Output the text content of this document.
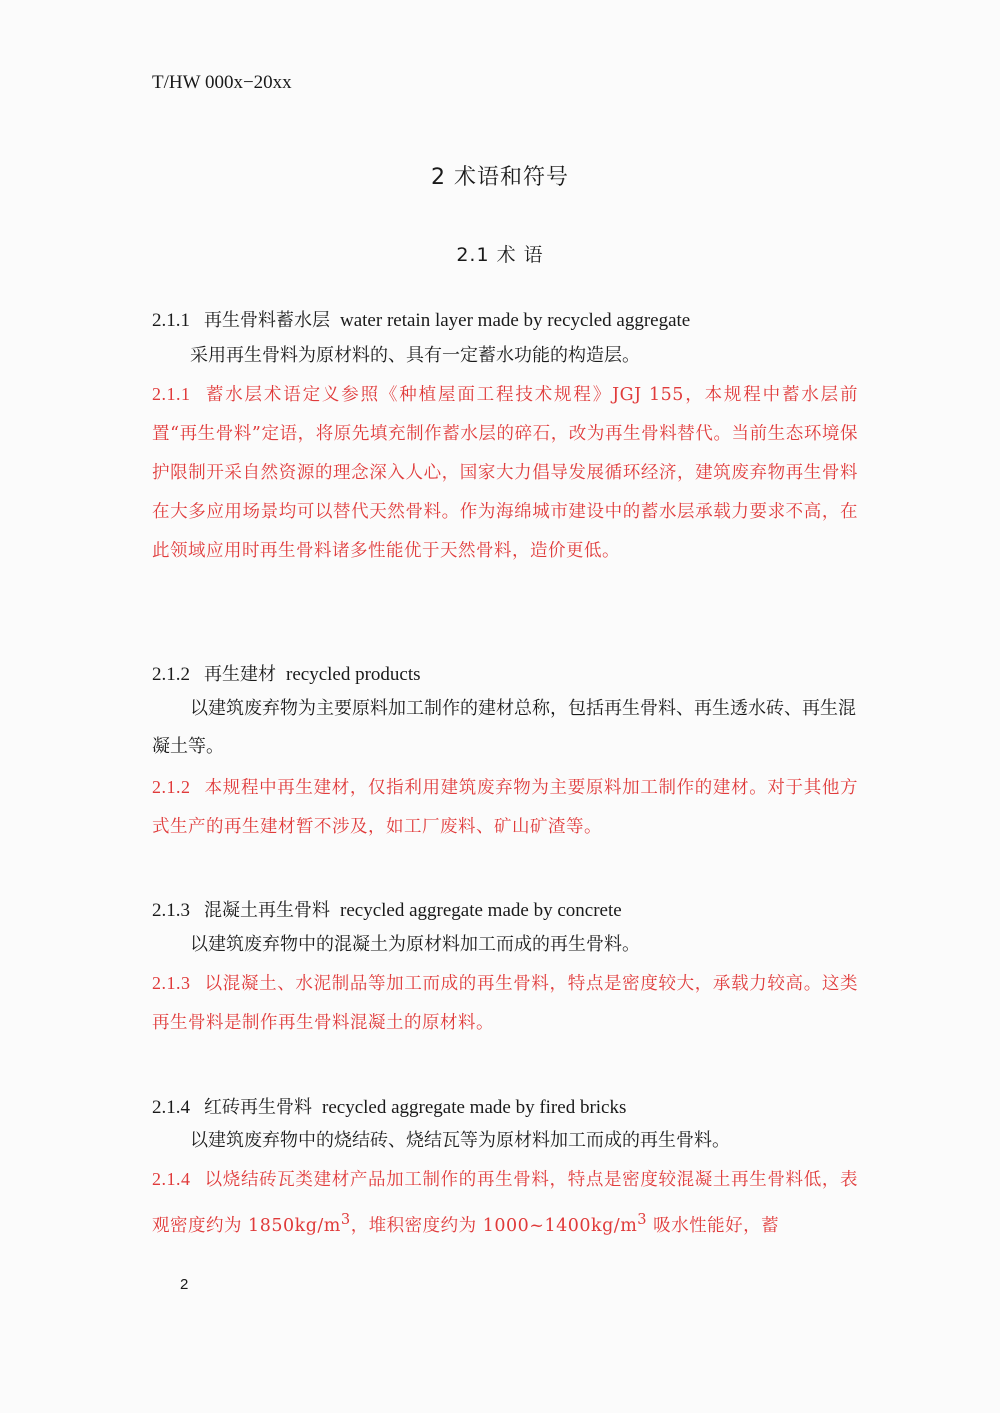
T/HW 000x−20xx
2 术语和符号
2.1 术 语
2.1.1 再生骨料蓄水层 water retain layer made by recycled aggregate

采用再生骨料为原材料的、具有一定蓄水功能的构造层。

2.1.1 蓄水层术语定义参照《种植屋面工程技术规程》JGJ 155，本规程中蓄水层前置“再生骨料”定语，将原先填充制作蓄水层的碎石，改为再生骨料替代。当前生态环境保护限制开采自然资源的理念深入人心，国家大力倡导发展循环经济，建筑废弃物再生骨料在大多应用场景均可以替代天然骨料。作为海绵城市建设中的蓄水层承载力要求不高，在此领域应用时再生骨料诸多性能优于天然骨料，造价更低。

2.1.2 再生建材 recycled products

以建筑废弃物为主要原料加工制作的建材总称，包括再生骨料、再生透水砖、再生混凝土等。

2.1.2 本规程中再生建材，仅指利用建筑废弃物为主要原料加工制作的建材。对于其他方式生产的再生建材暂不涉及，如工厂废料、矿山矿渣等。

2.1.3 混凝土再生骨料 recycled aggregate made by concrete

以建筑废弃物中的混凝土为原材料加工而成的再生骨料。

2.1.3 以混凝土、水泥制品等加工而成的再生骨料，特点是密度较大，承载力较高。这类再生骨料是制作再生骨料混凝土的原材料。

2.1.4 红砖再生骨料 recycled aggregate made by fired bricks

以建筑废弃物中的烧结砖、烧结瓦等为原材料加工而成的再生骨料。

2.1.4 以烧结砖瓦类建材产品加工制作的再生骨料，特点是密度较混凝土再生骨料低，表观密度约为 $1850kg/m^3$，堆积密度约为 $1000\sim 1400kg/m^3$ 吸水性能好，蓄

2
